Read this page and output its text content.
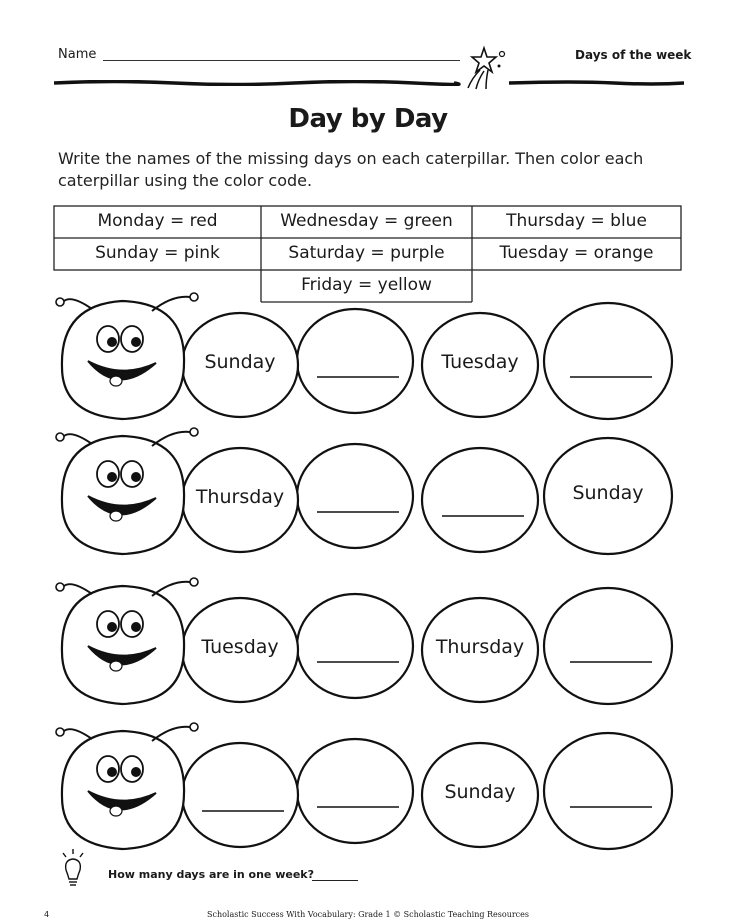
Name	Days of the week
Day by Day
Write the names of the missing days on each caterpillar. Then color each caterpillar using the color code.
Monday = red	Wednesday = green	Thursday = blue
Sunday = pink	Saturday = purple	Tuesday = orange
Friday = yellow
Sunday	Tuesday
Thursday	Sunday
Tuesday	Thursday
Sunday
How many days are in one week?
4	Scholastic Success With Vocabulary: Grade 1 © Scholastic Teaching Resources
